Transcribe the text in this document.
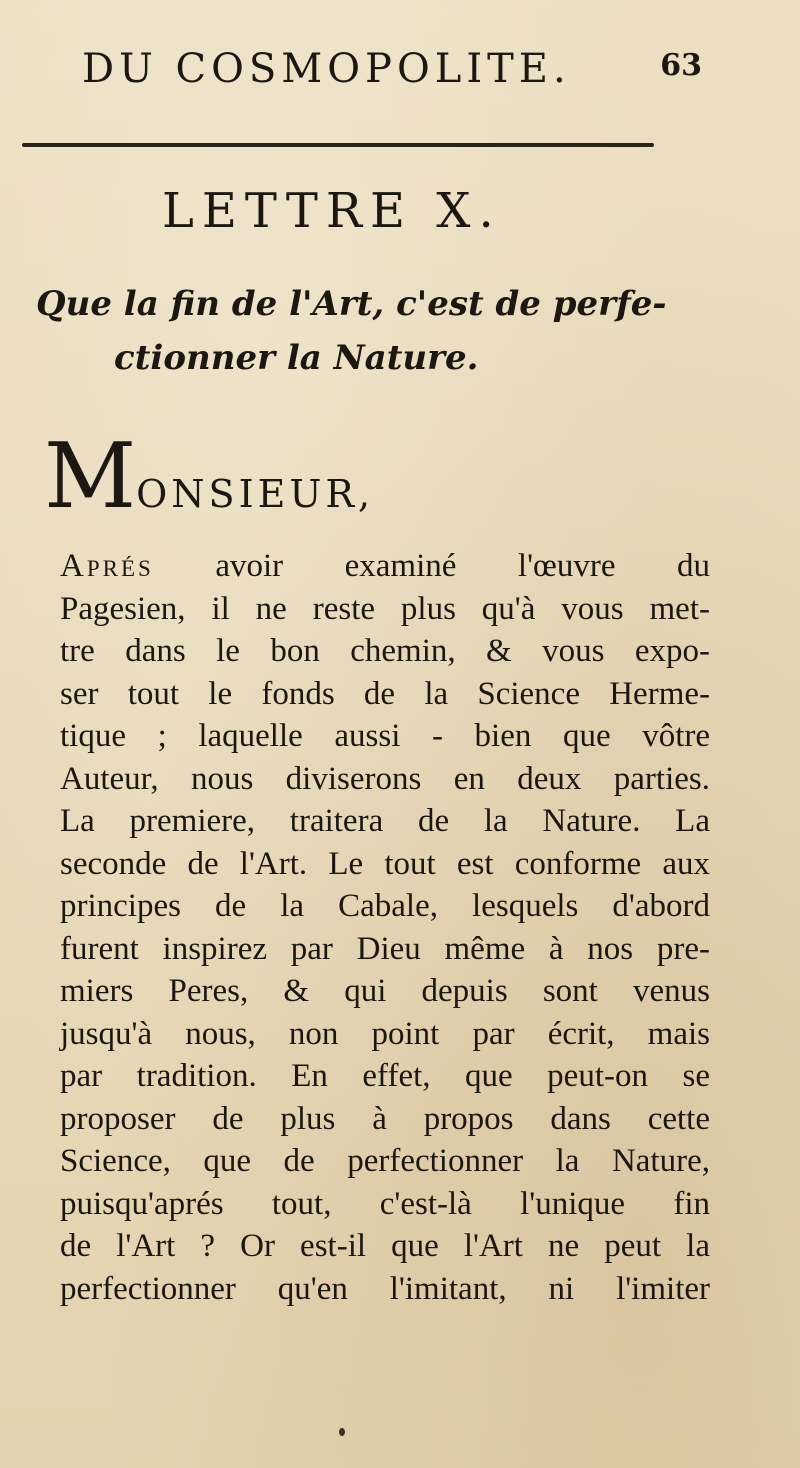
DU COSMOPOLITE.	63
LETTRE X.
Que la fin de l'Art, c'est de perfe-
ctionner la Nature.
MONSIEUR,
Aprés avoir examiné l'œuvre du
Pagesien, il ne reste plus qu'à vous met-
tre dans le bon chemin, & vous expo-
ser tout le fonds de la Science Herme-
tique ; laquelle aussi - bien que vôtre
Auteur, nous diviserons en deux parties.
La premiere, traitera de la Nature. La
seconde de l'Art. Le tout est conforme aux
principes de la Cabale, lesquels d'abord
furent inspirez par Dieu même à nos pre-
miers Peres, & qui depuis sont venus
jusqu'à nous, non point par écrit, mais
par tradition. En effet, que peut-on se
proposer de plus à propos dans cette
Science, que de perfectionner la Nature,
puisqu'aprés tout, c'est-là l'unique fin
de l'Art ? Or est-il que l'Art ne peut la
perfectionner qu'en l'imitant, ni l'imiter
